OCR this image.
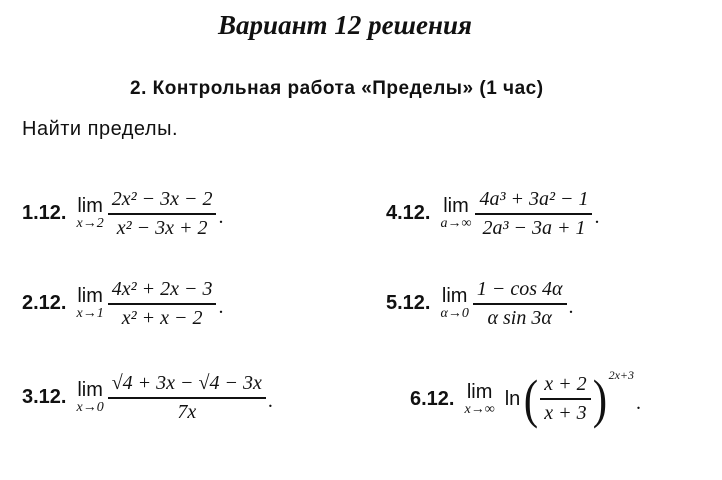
Вариант 12 решения
2. Контрольная работа «Пределы» (1 час)
Найти пределы.
1.12. lim
$x\to 2 \frac{\text{2x² − 3x − 2}}{\text{x² − 3x + 2}}$ .
2.12. lim
$x\to 1 \frac{\text{4x² + 2x − 3}}{\text{x² + x − 2}}$ .
3.12. lim
$x\to 0 \frac{√4 + 3x - √4 - 3x}{7x}$ .
4.12. lim
$a\to\infty \frac{\text{4a³ + 3a² − 1}}{\text{2a³ − 3a + 1}}$ .
5.12. lim
$\alpha\to 0 \frac{1 - \cos 4\alpha}{\text{α sin 3α}}$ .
6.12. lim
x→∞ ln ( $\frac{x + 2}{x + 3}$ ) 2x+3
.
